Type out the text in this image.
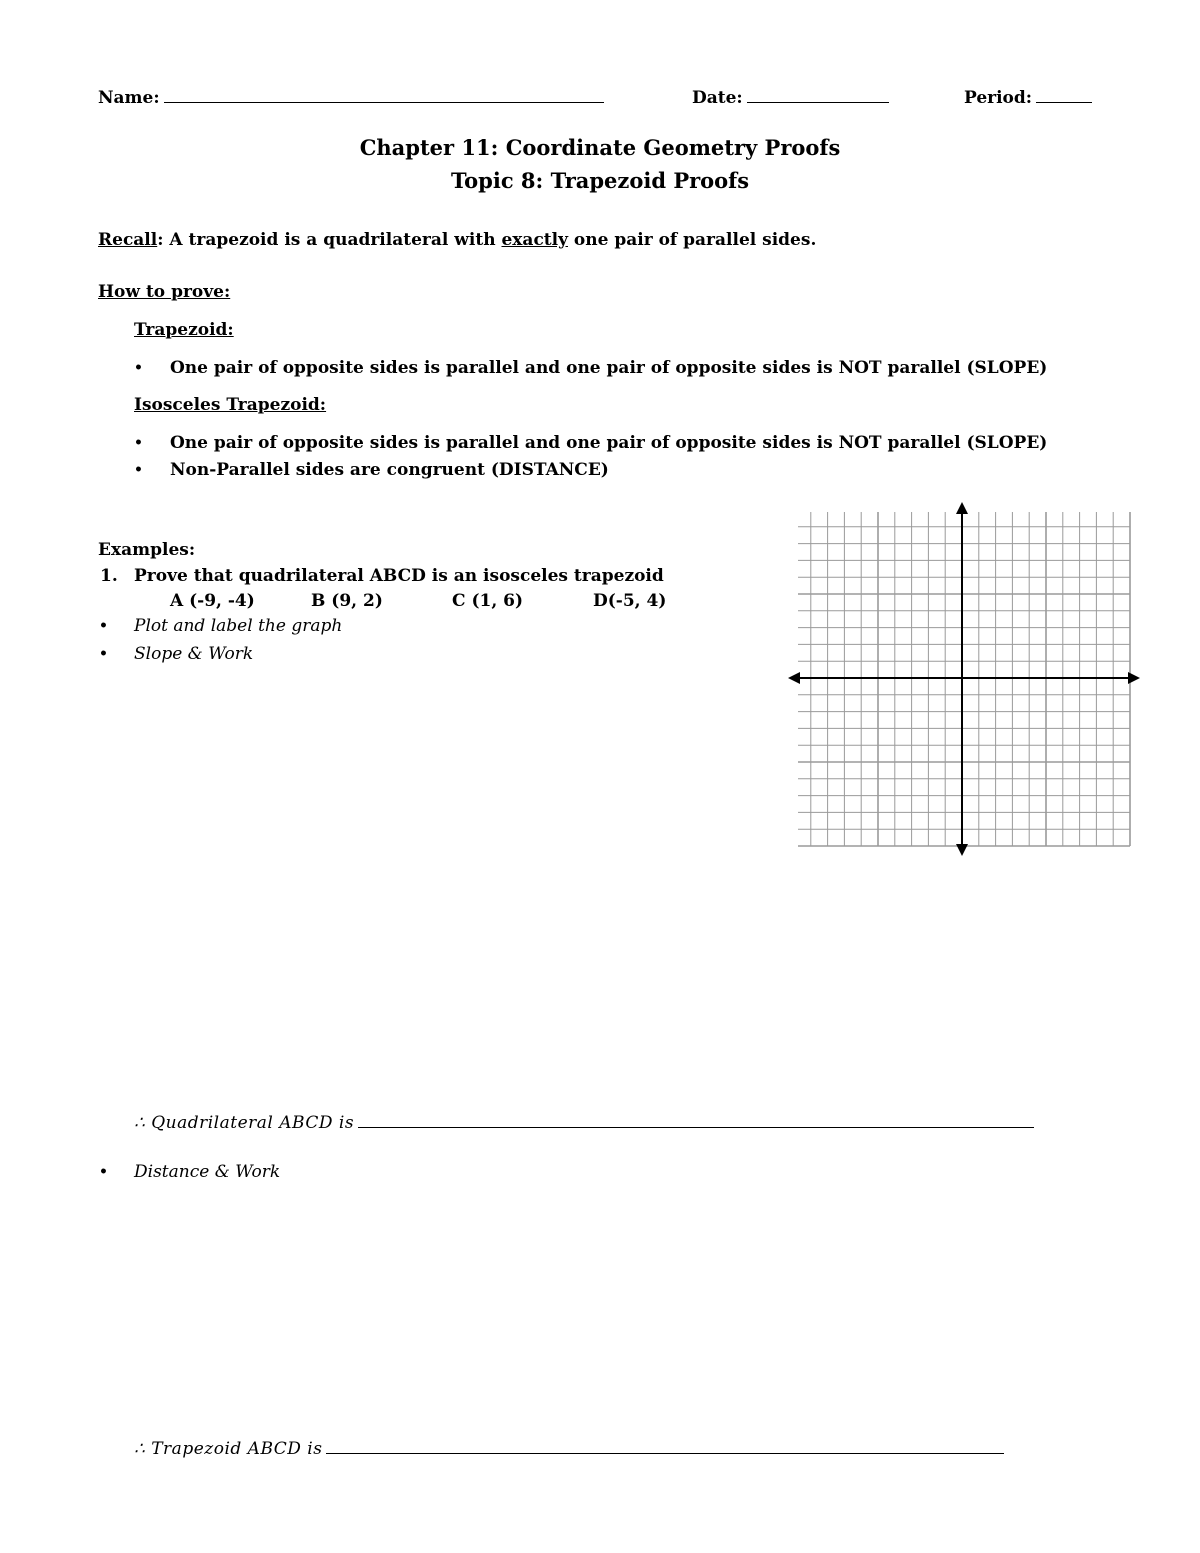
Name:	Date:	Period:
Chapter 11: Coordinate Geometry Proofs
Topic 8: Trapezoid Proofs
Recall: A trapezoid is a quadrilateral with exactly one pair of parallel sides.
How to prove:
Trapezoid:
• One pair of opposite sides is parallel and one pair of opposite sides is NOT parallel (SLOPE)
Isosceles Trapezoid:
• One pair of opposite sides is parallel and one pair of opposite sides is NOT parallel (SLOPE)
• Non-Parallel sides are congruent (DISTANCE)
Examples:
1. Prove that quadrilateral ABCD is an isosceles trapezoid
A (-9, -4)	B (9, 2)	C (1, 6)	D(-5, 4)
• Plot and label the graph
• Slope & Work
∴ Quadrilateral ABCD is
• Distance & Work
∴ Trapezoid ABCD is
